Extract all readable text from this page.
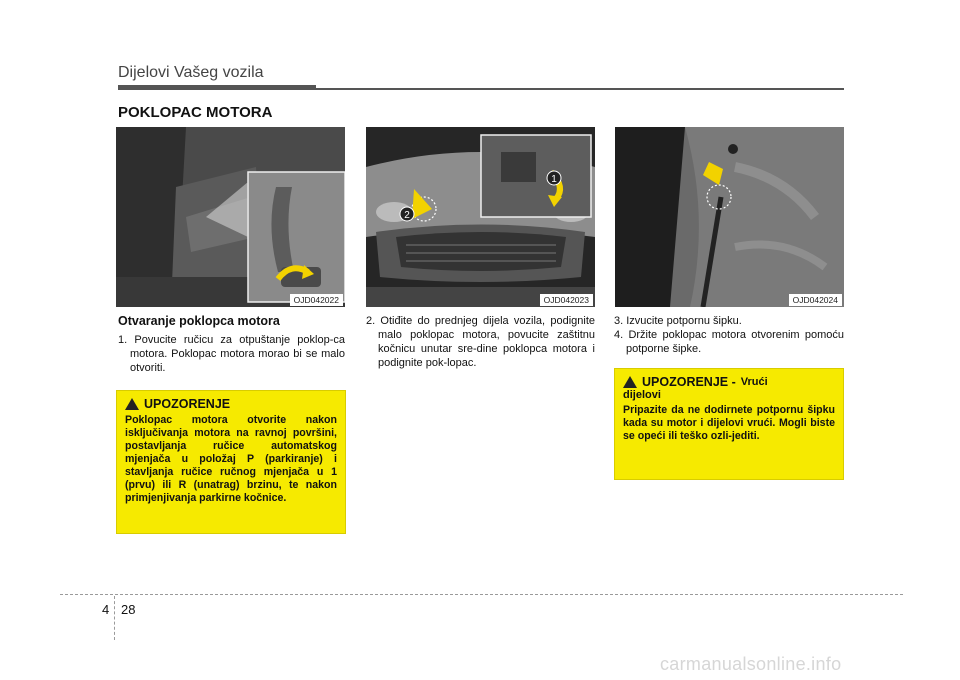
Dijelovi Vašeg vozila
POKLOPAC MOTORA
OJD042022
1
2
OJD042023	OJD042024
Otvaranje poklopca motora

1. Povucite ručicu za otpuštanje poklop-ca motora. Poklopac motora morao bi se malo otvoriti.

2. Otiđite do prednjeg dijela vozila, podignite malo poklopac motora, povucite zaštitnu kočnicu unutar sre-dine poklopca motora i podignite pok-lopac.

3. Izvucite potpornu šipku.

4. Držite poklopac motora otvorenim pomoću potporne šipke.

UPOZORENJE
Poklopac motora otvorite nakon isključivanja motora na ravnoj površini, postavljanja ručice automatskog mjenjača u položaj P (parkiranje) i stavljanja ručice ručnog mjenjača u 1 (prvu) ili R (unatrag) brzinu, te nakon primjenjivanja parkirne kočnice.
UPOZORENJE - Vrući
dijelovi
Pripazite da ne dodirnete potpornu šipku kada su motor i dijelovi vrući. Mogli biste se opeći ili teško ozli-jediti.
4 28
carmanualsonline.info
